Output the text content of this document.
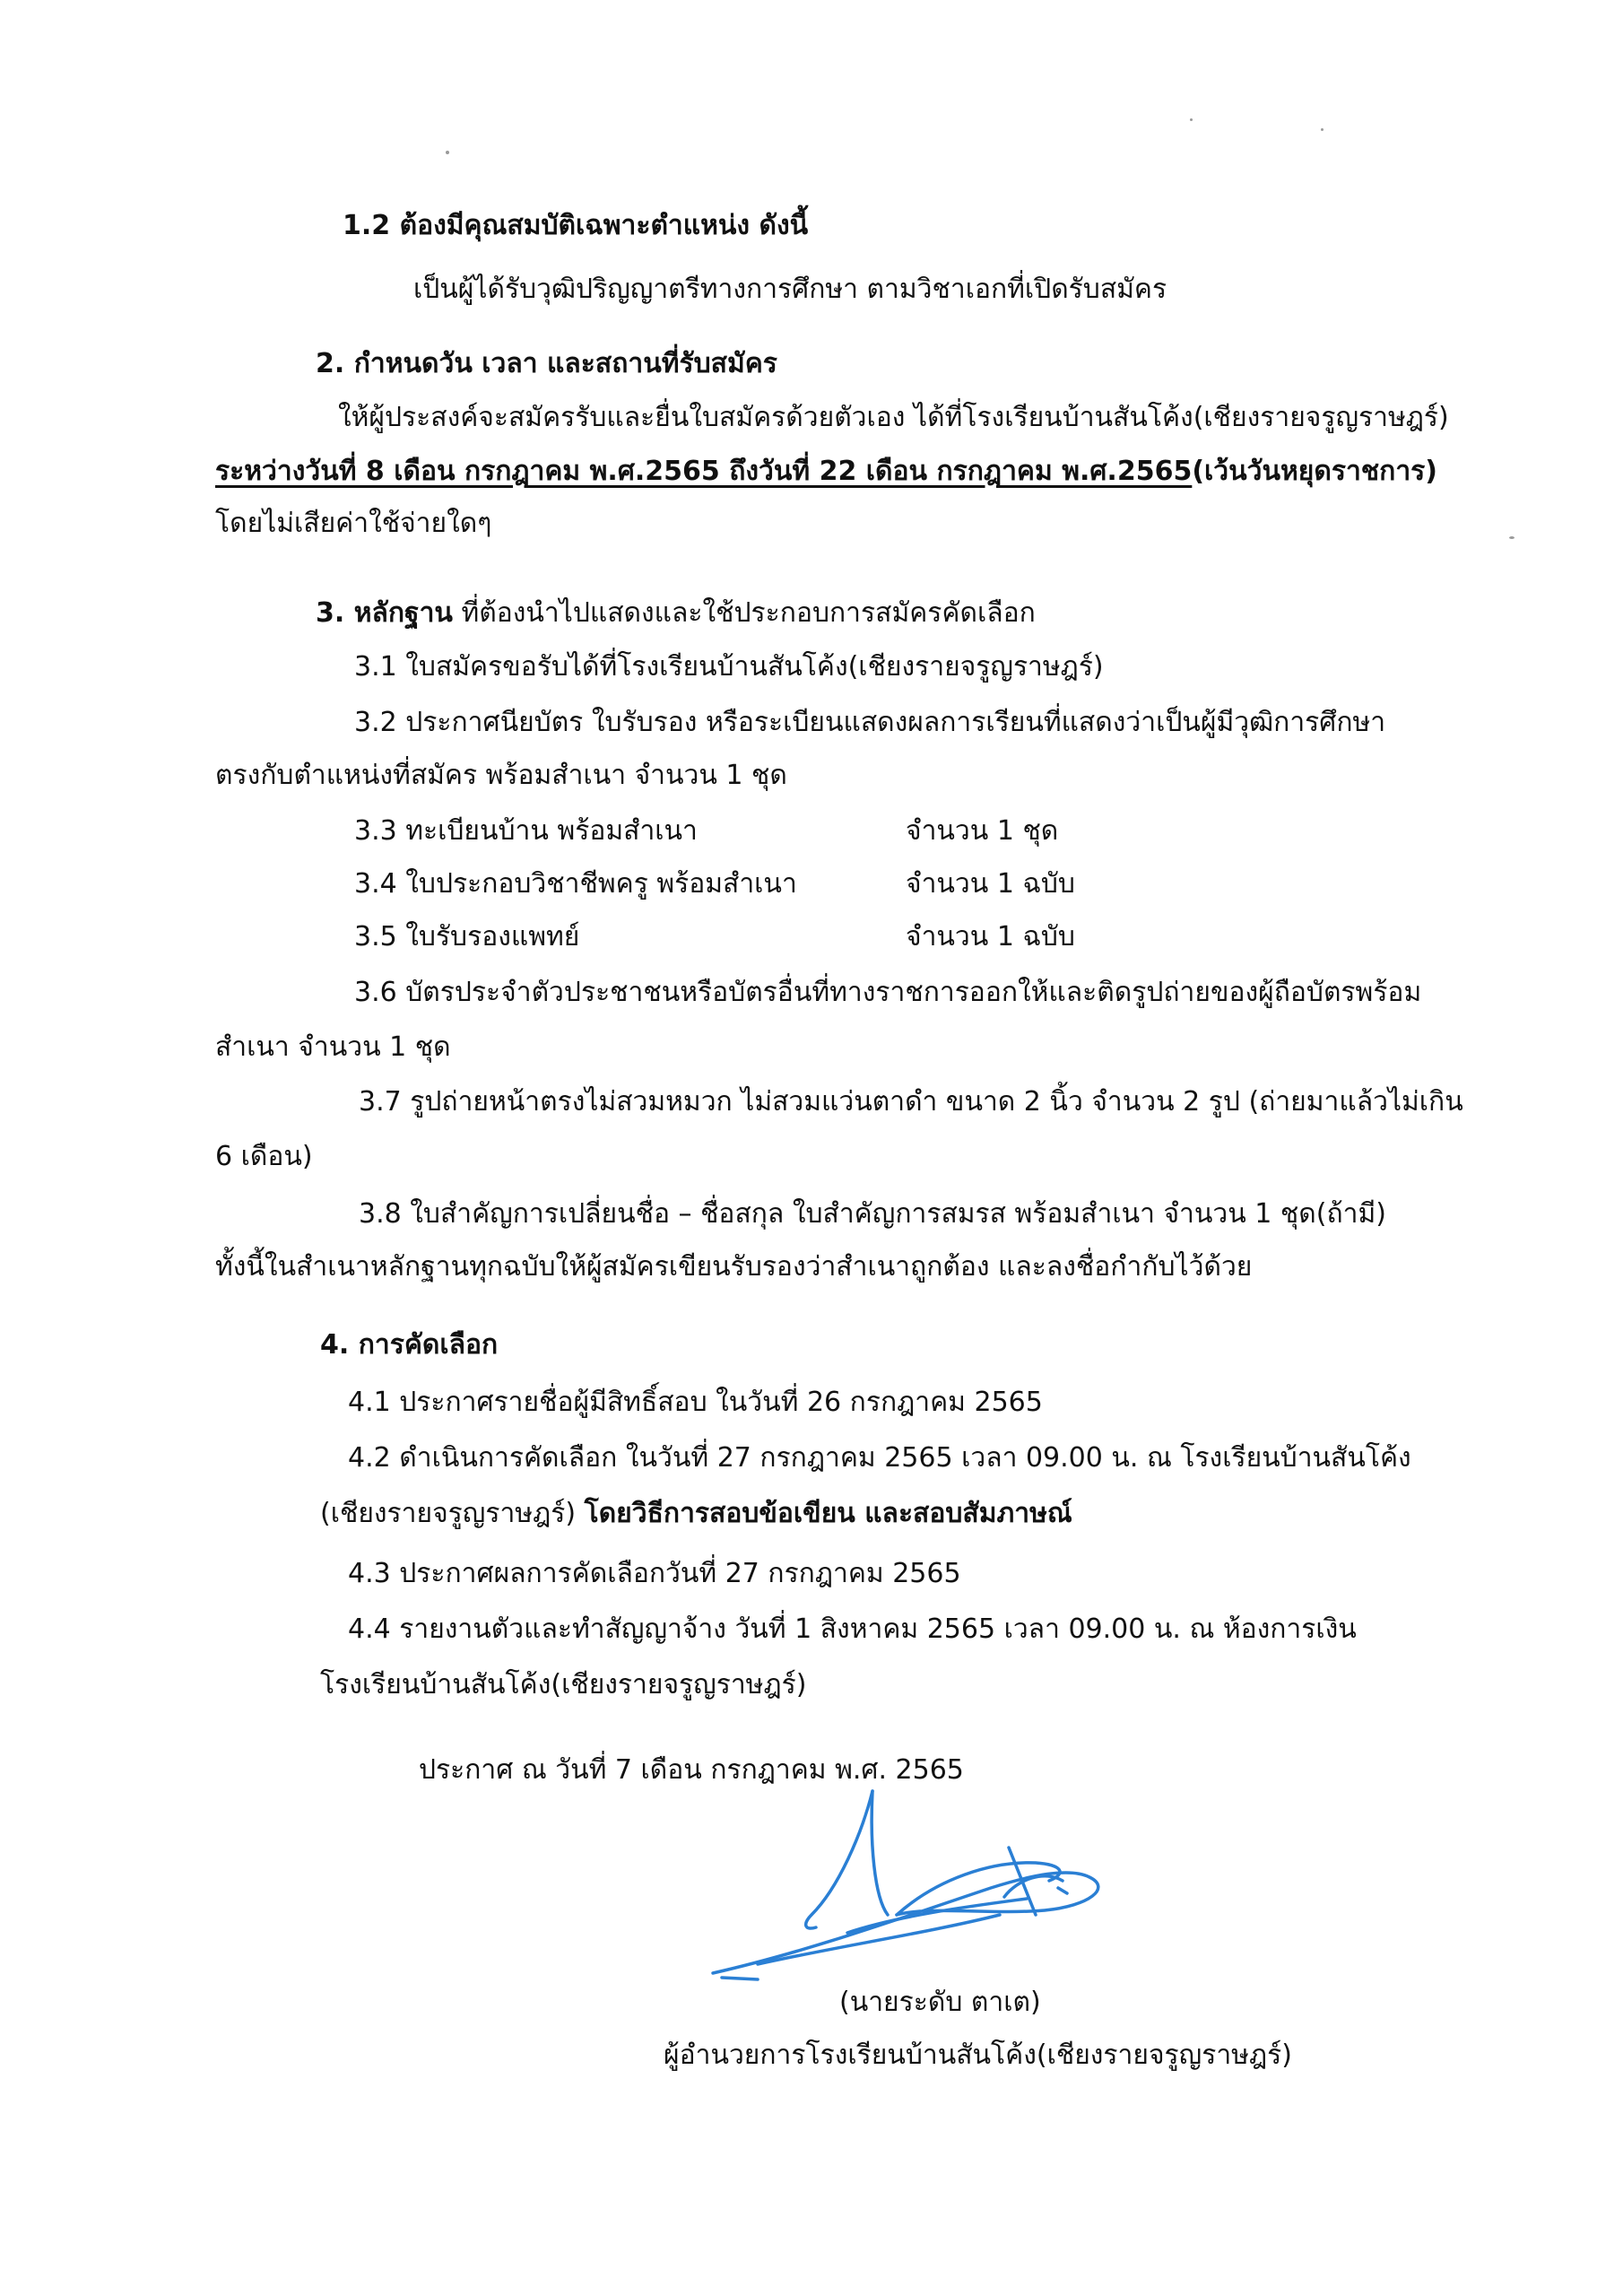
1.2 ต้องมีคุณสมบัติเฉพาะตำแหน่ง ดังนี้
เป็นผู้ได้รับวุฒิปริญญาตรีทางการศึกษา ตามวิชาเอกที่เปิดรับสมัคร
2. กำหนดวัน เวลา และสถานที่รับสมัคร
ให้ผู้ประสงค์จะสมัครรับและยื่นใบสมัครด้วยตัวเอง ได้ที่โรงเรียนบ้านสันโค้ง(เชียงรายจรูญราษฎร์)
ระหว่างวันที่ 8 เดือน กรกฎาคม พ.ศ.2565 ถึงวันที่ 22 เดือน กรกฎาคม พ.ศ.2565(เว้นวันหยุดราชการ)
โดยไม่เสียค่าใช้จ่ายใดๆ
3. หลักฐาน ที่ต้องนำไปแสดงและใช้ประกอบการสมัครคัดเลือก
3.1 ใบสมัครขอรับได้ที่โรงเรียนบ้านสันโค้ง(เชียงรายจรูญราษฎร์)
3.2 ประกาศนียบัตร ใบรับรอง หรือระเบียนแสดงผลการเรียนที่แสดงว่าเป็นผู้มีวุฒิการศึกษา
ตรงกับตำแหน่งที่สมัคร พร้อมสำเนา จำนวน 1 ชุด
3.3 ทะเบียนบ้าน พร้อมสำเนา	จำนวน 1 ชุด
3.4 ใบประกอบวิชาชีพครู พร้อมสำเนา	จำนวน 1 ฉบับ
3.5 ใบรับรองแพทย์	จำนวน 1 ฉบับ
3.6 บัตรประจำตัวประชาชนหรือบัตรอื่นที่ทางราชการออกให้และติดรูปถ่ายของผู้ถือบัตรพร้อม
สำเนา จำนวน 1 ชุด
3.7 รูปถ่ายหน้าตรงไม่สวมหมวก ไม่สวมแว่นตาดำ ขนาด 2 นิ้ว จำนวน 2 รูป (ถ่ายมาแล้วไม่เกิน
6 เดือน)
3.8 ใบสำคัญการเปลี่ยนชื่อ – ชื่อสกุล ใบสำคัญการสมรส พร้อมสำเนา จำนวน 1 ชุด(ถ้ามี)
ทั้งนี้ในสำเนาหลักฐานทุกฉบับให้ผู้สมัครเขียนรับรองว่าสำเนาถูกต้อง และลงชื่อกำกับไว้ด้วย
4. การคัดเลือก
4.1 ประกาศรายชื่อผู้มีสิทธิ์สอบ ในวันที่ 26 กรกฎาคม 2565
4.2 ดำเนินการคัดเลือก ในวันที่ 27 กรกฎาคม 2565 เวลา 09.00 น. ณ โรงเรียนบ้านสันโค้ง
(เชียงรายจรูญราษฎร์) โดยวิธีการสอบข้อเขียน และสอบสัมภาษณ์
4.3 ประกาศผลการคัดเลือกวันที่ 27 กรกฎาคม 2565
4.4 รายงานตัวและทำสัญญาจ้าง วันที่ 1 สิงหาคม 2565 เวลา 09.00 น. ณ ห้องการเงิน
โรงเรียนบ้านสันโค้ง(เชียงรายจรูญราษฎร์)
ประกาศ ณ วันที่ 7 เดือน กรกฎาคม พ.ศ. 2565
(นายระดับ ตาเต)
ผู้อำนวยการโรงเรียนบ้านสันโค้ง(เชียงรายจรูญราษฎร์)
